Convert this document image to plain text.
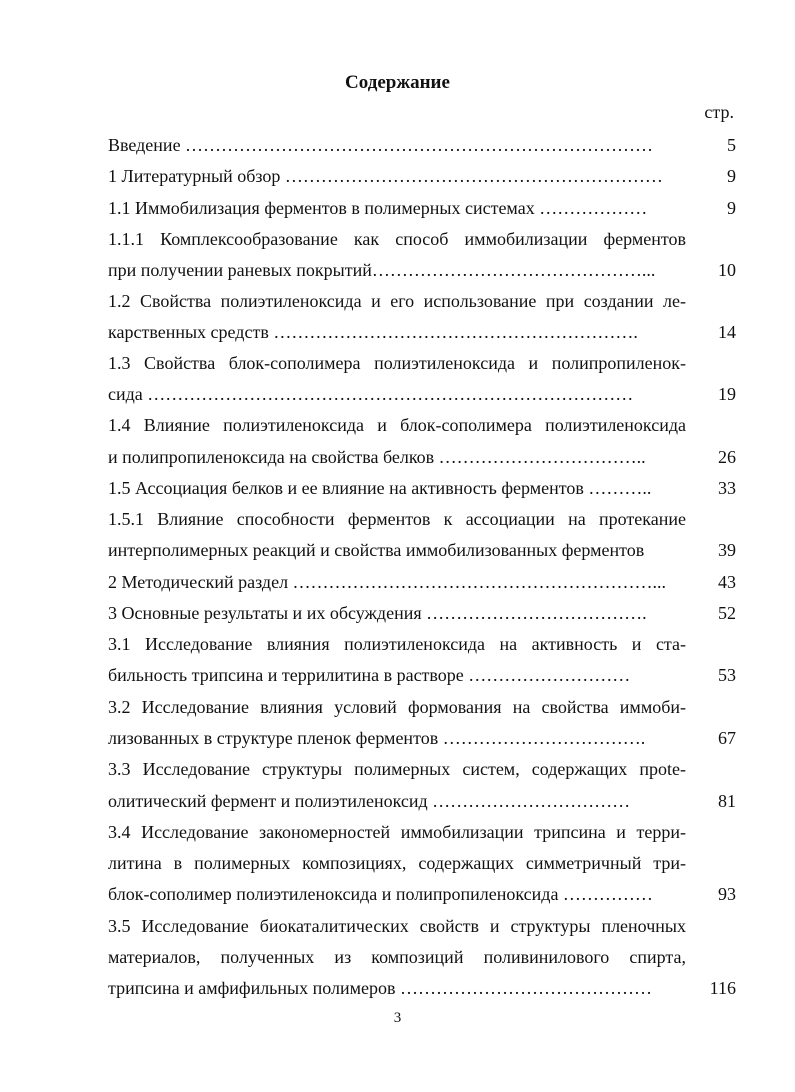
Содержание
стр.
Введение ……………………………………………………………………	5
1 Литературный обзор ………………………………………………………	9
1.1 Иммобилизация ферментов в полимерных системах ………………	9
1.1.1 Комплексообразование как способ иммобилизации ферментов
при получении раневых покрытий………………………………………...	10
1.2 Свойства полиэтиленоксида и его использование при создании ле-
карственных средств …………………………………………………….	14
1.3 Свойства блок-сополимера полиэтиленоксида и полипропиленок-
сида ………………………………………………………………………	19
1.4 Влияние полиэтиленоксида и блок-сополимера полиэтиленоксида
и полипропиленоксида на свойства белков ……………………………..	26
1.5 Ассоциация белков и ее влияние на активность ферментов ………..	33
1.5.1 Влияние способности ферментов к ассоциации на протекание
интерполимерных реакций и свойства иммобилизованных ферментов	39
2 Методический раздел ……………………………………………………...	43
3 Основные результаты и их обсуждения ……………………………….	52
3.1 Исследование влияния полиэтиленоксида на активность и ста-
бильность трипсина и террилитина в растворе ………………………	53
3.2 Исследование влияния условий формования на свойства иммоби-
лизованных в структуре пленок ферментов …………………………….	67
3.3 Исследование структуры полимерных систем, содержащих прote-
олитический фермент и полиэтиленоксид ……………………………	81
3.4 Исследование закономерностей иммобилизации трипсина и терри-
литина в полимерных композициях, содержащих симметричный три-
блок-сополимер полиэтиленоксида и полипропиленоксида ……………	93
3.5 Исследование биокаталитических свойств и структуры пленочных
материалов, полученных из композиций поливинилового спирта,
трипсина и амфифильных полимеров ……………………………………	116
3
